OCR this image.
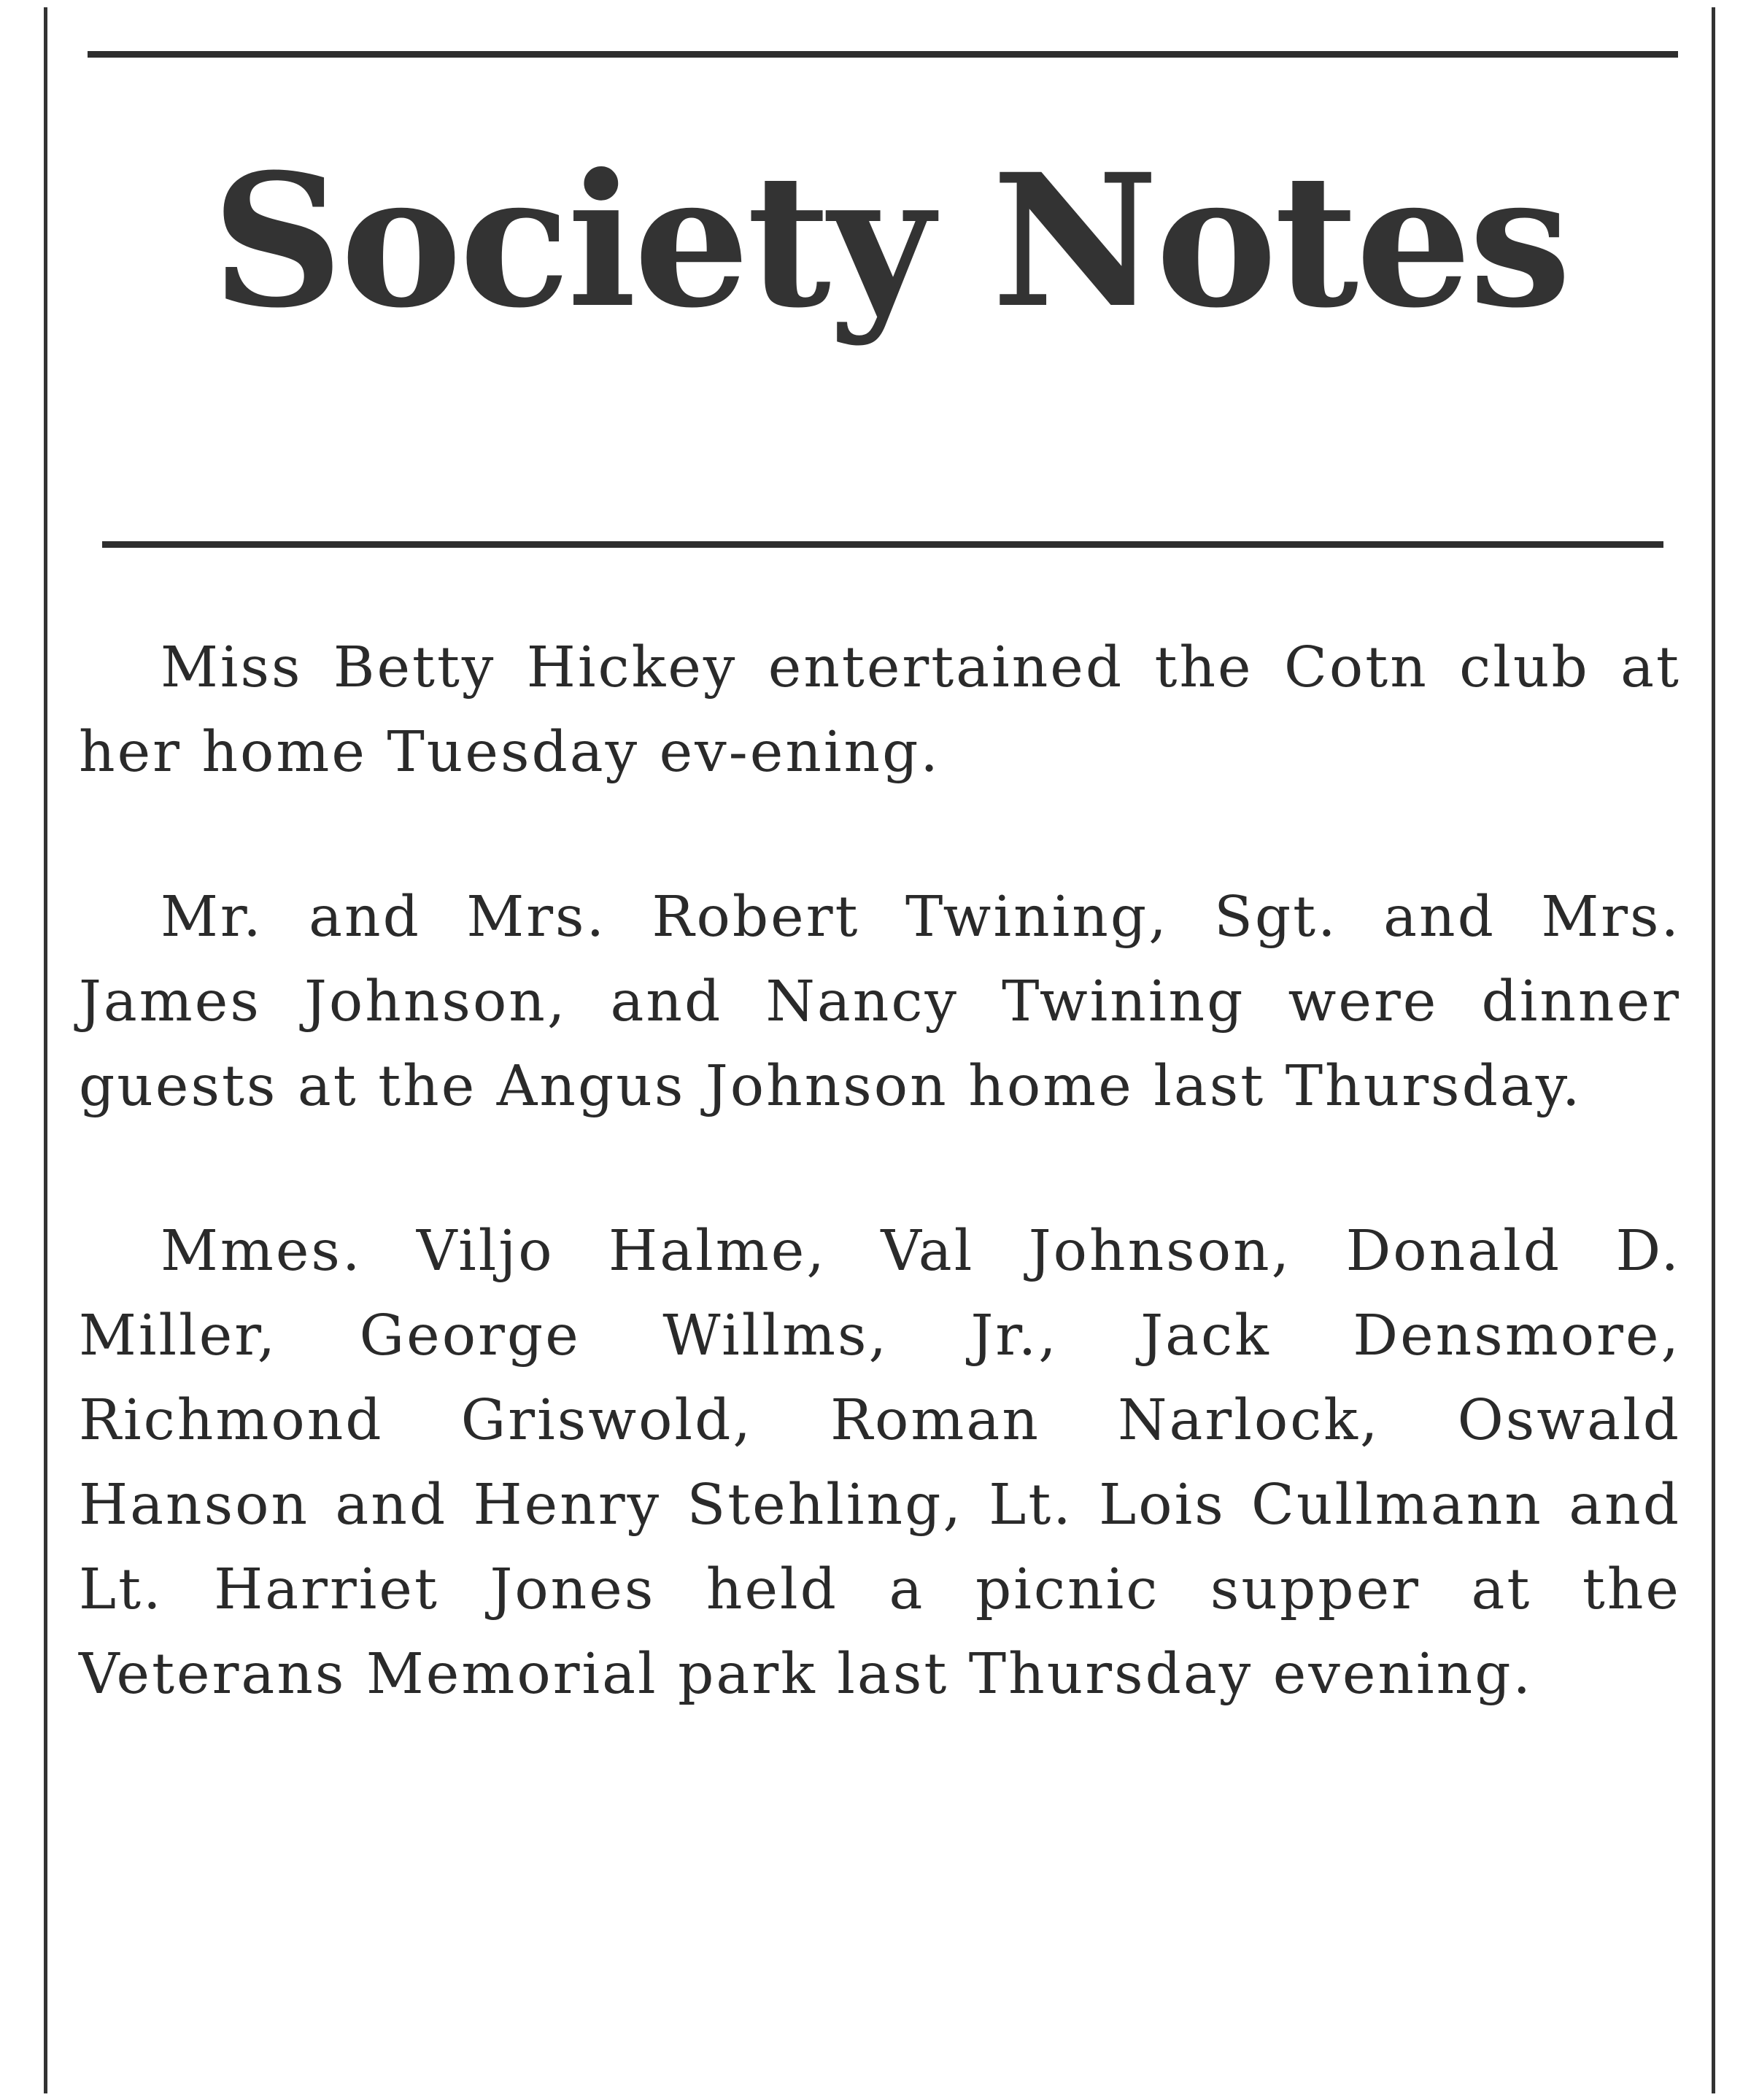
Society Notes

Miss Betty Hickey entertained the Cotn club at her home Tuesday ev-ening.

Mr. and Mrs. Robert Twining, Sgt. and Mrs. James Johnson, and Nancy Twining were dinner guests at the Angus Johnson home last Thursday.

Mmes. Viljo Halme, Val Johnson, Donald D. Miller, George Willms, Jr., Jack Densmore, Richmond Griswold, Roman Narlock, Oswald Hanson and Henry Stehling, Lt. Lois Cullmann and Lt. Harriet Jones held a picnic supper at the Veterans Memorial park last Thursday evening.
